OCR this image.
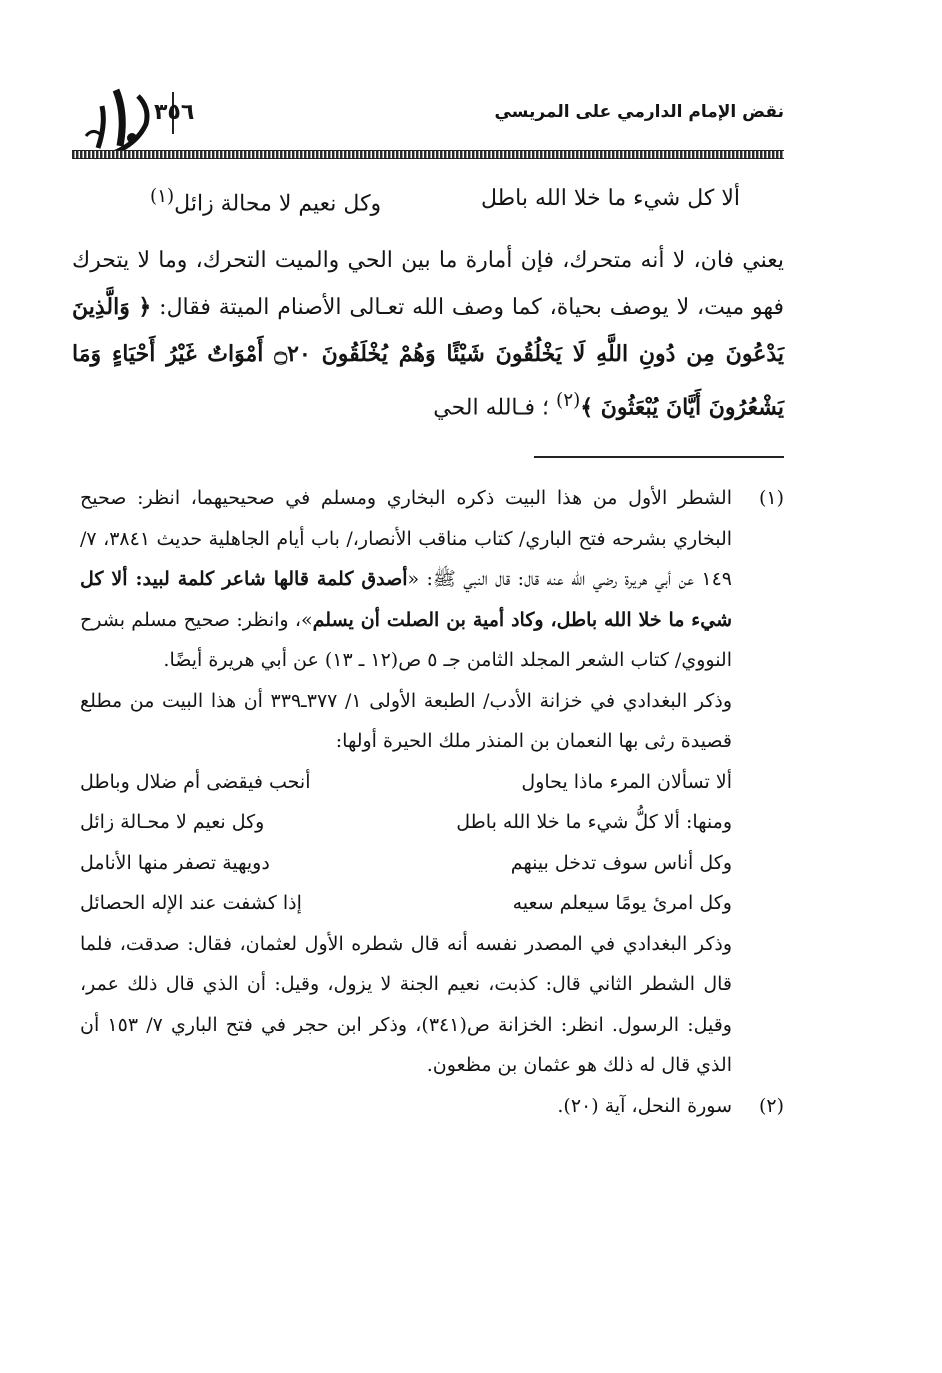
نقض الإمام الدارمي على المريسي
٣٥٦
ألا كل شيء ما خلا الله باطل
وكل نعيم لا محالة زائل$^{(١)}$

يعني فان، لا أنه متحرك، فإن أمارة ما بين الحي والميت التحرك، وما لا يتحرك فهو ميت، لا يوصف بحياة، كما وصف الله تعـالى الأصنام الميتة فقال: ﴿ وَالَّذِينَ يَدْعُونَ مِن دُونِ اللَّهِ لَا يَخْلُقُونَ شَيْئًا وَهُمْ يُخْلَقُونَ ۝٢٠ أَمْوَاتٌ غَيْرُ أَحْيَاءٍ وَمَا يَشْعُرُونَ أَيَّانَ يُبْعَثُونَ ﴾$^{(٢)}$ ؛ فـالله الحي

(١)

الشطر الأول من هذا البيت ذكره البخاري ومسلم في صحيحيهما، انظر: صحيح البخاري بشرحه فتح الباري/ كتاب مناقب الأنصار،/ باب أيام الجاهلية حديث ٣٨٤١، ٧/ ١٤٩ عن أبي هريرة رضي الله عنه قال: قال النبي ﷺ: «أصدق كلمة قالها شاعر كلمة لبيد: ألا كل شيء ما خلا الله باطل، وكاد أمية بن الصلت أن يسلم»، وانظر: صحيح مسلم بشرح النووي/ كتاب الشعر المجلد الثامن جـ ٥ ص(١٢ ـ ١٣) عن أبي هريرة أيضًا.

وذكر البغدادي في خزانة الأدب/ الطبعة الأولى ١/ ٣٧٧ـ٣٣٩ أن هذا البيت من مطلع قصيدة رثى بها النعمان بن المنذر ملك الحيرة أولها:

ألا تسألان المرء ماذا يحاول
أنحب فيقضى أم ضلال وباطل
ومنها: ألا كلُّ شيء ما خلا الله باطل
وكل نعيم لا محـالة زائل
وكل أناس سوف تدخل بينهم
دويهية تصفر منها الأنامل
وكل امرئ يومًا سيعلم سعيه
إذا كشفت عند الإله الحصائل

وذكر البغدادي في المصدر نفسه أنه قال شطره الأول لعثمان، فقال: صدقت، فلما قال الشطر الثاني قال: كذبت، نعيم الجنة لا يزول، وقيل: أن الذي قال ذلك عمر، وقيل: الرسول. انظر: الخزانة ص(٣٤١)، وذكر ابن حجر في فتح الباري ٧/ ١٥٣ أن الذي قال له ذلك هو عثمان بن مظعون.

(٢)

سورة النحل، آية (٢٠).
